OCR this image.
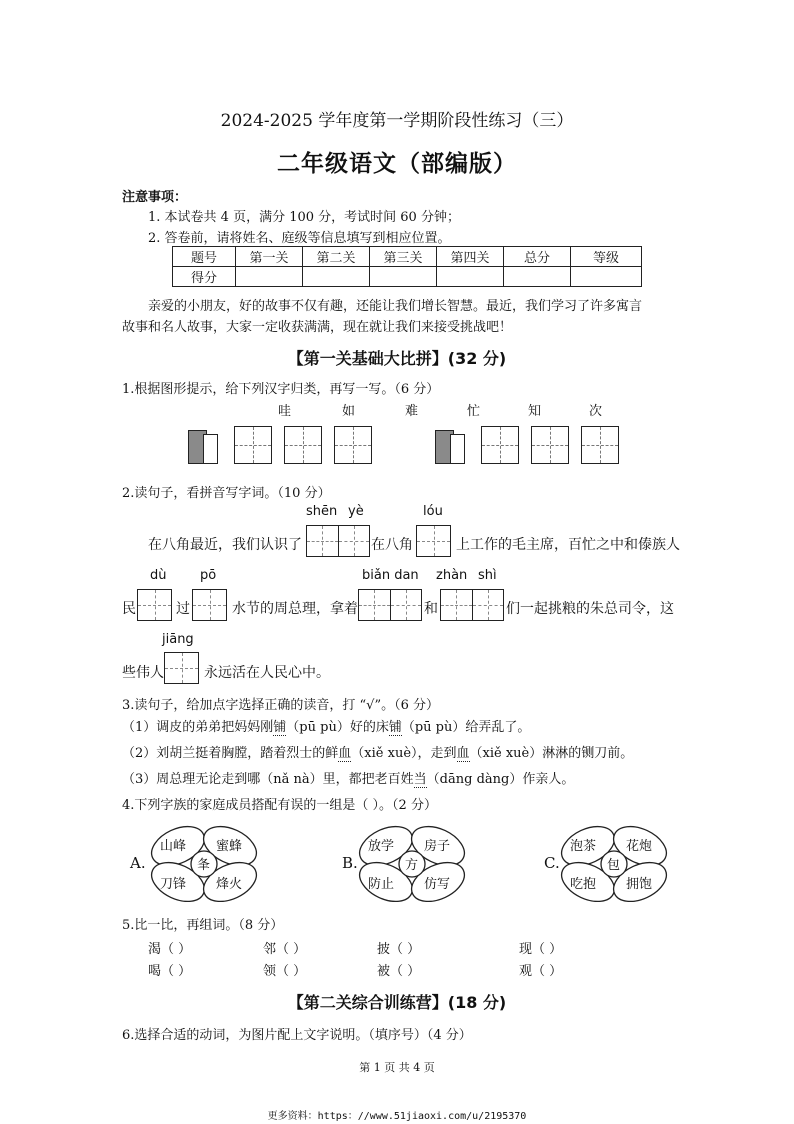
2024-2025 学年度第一学期阶段性练习（三）
二年级语文（部编版）
注意事项：
1. 本试卷共 4 页，满分 100 分，考试时间 60 分钟；
2. 答卷前，请将姓名、庭级等信息填写到相应位置。
题号	第一关	第二关	第三关	第四关	总分	等级
得分						
亲爱的小朋友，好的故事不仅有趣，还能让我们增长智慧。最近，我们学习了许多寓言
故事和名人故事，大家一定收获满满，现在就让我们来接受挑战吧！
【第一关基础大比拼】(32 分)
1.根据图形提示，给下列汉字归类，再写一写。（6 分）
哇	如	难	忙	知	次
2.读句子，看拼音写字词。（10 分）
shēn yè	lóu
在八角最近，我们认识了	在八角	上工作的毛主席，百忙之中和傣族人
dù	pō	biǎn dan zhàn shì
民	过	水节的周总理，拿着	和	们一起挑粮的朱总司令，这
jiāng
些伟人	永远活在人民心中。
3.读句子，给加点字选择正确的读音，打 “√”。（6 分）
（1）调皮的弟弟把妈妈刚铺（pū pù）好的床铺（pū pù）给弄乱了。
（2）刘胡兰挺着胸膛，踏着烈士的鲜血（xiě xuè），走到血（xiě xuè）淋淋的铡刀前。
（3）周总理无论走到哪（nǎ nà）里，都把老百姓当（dāng dàng）作亲人。
4.下列字族的家庭成员搭配有误的一组是（ ）。（2 分）
A.
山峰 蜜蜂
刀锋 烽火
夆	B.
放学 房子
防止 仿写
方	C.
泡茶 花炮
吃抱 拥饱
包
5.比一比，再组词。（8 分）
渴（ ）	邻（ ）	披（ ）	现（ ）
喝（ ）	领（ ）	被（ ）	观（ ）
【第二关综合训练营】(18 分)
6.选择合适的动词，为图片配上文字说明。（填序号）（4 分）
第 1 页 共 4 页
更多资料：https：//www.51jiaoxi.com/u/2195370
